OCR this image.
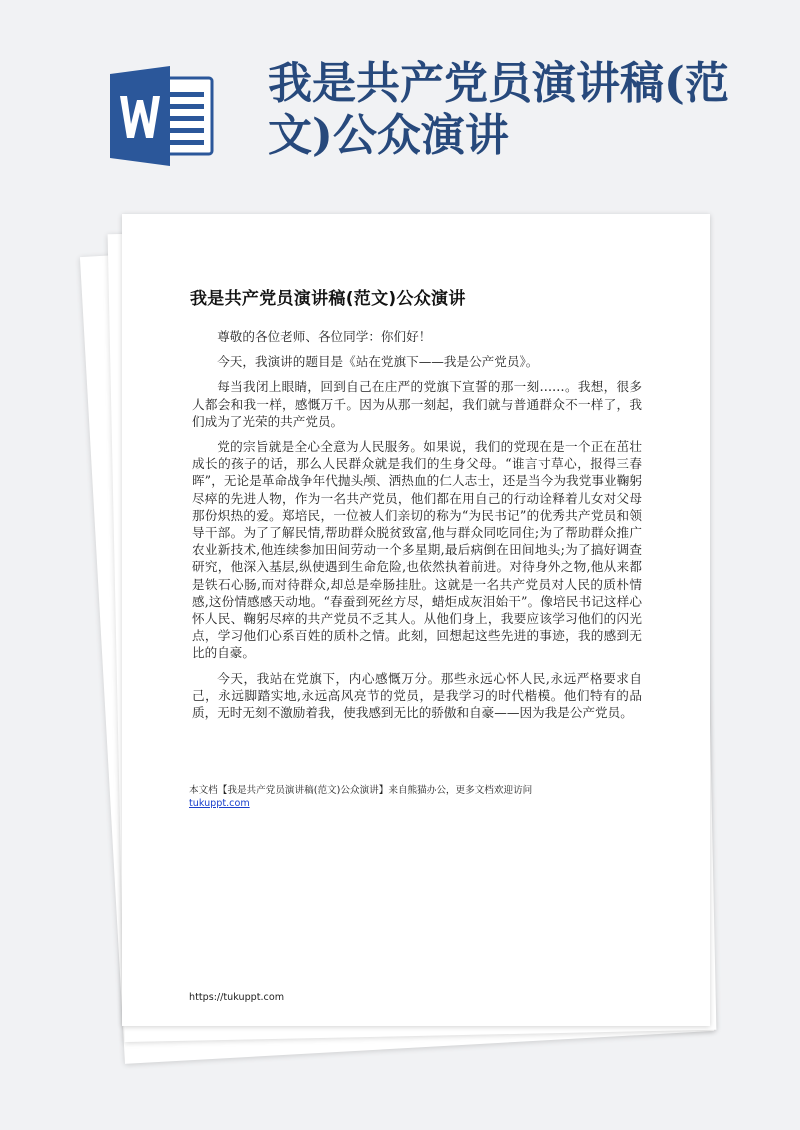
我是共产党员演讲稿(范文)公众演讲
我是共产党员演讲稿(范文)公众演讲

尊敬的各位老师、各位同学：你们好！

今天，我演讲的题目是《站在党旗下——我是公产党员》。

每当我闭上眼睛，回到自己在庄严的党旗下宣誓的那一刻……。我想，很多人都会和我一样，感慨万千。因为从那一刻起，我们就与普通群众不一样了，我们成为了光荣的共产党员。

党的宗旨就是全心全意为人民服务。如果说，我们的党现在是一个正在茁壮成长的孩子的话，那么人民群众就是我们的生身父母。“谁言寸草心，报得三春晖”，无论是革命战争年代抛头颅、洒热血的仁人志士，还是当今为我党事业鞠躬尽瘁的先进人物，作为一名共产党员，他们都在用自己的行动诠释着儿女对父母那份炽热的爱。郑培民，一位被人们亲切的称为“为民书记”的优秀共产党员和领导干部。为了了解民情,帮助群众脱贫致富,他与群众同吃同住;为了帮助群众推广农业新技术,他连续参加田间劳动一个多星期,最后病倒在田间地头;为了搞好调查研究，他深入基层,纵使遇到生命危险,也依然执着前进。对待身外之物,他从来都是铁石心肠,而对待群众,却总是牵肠挂肚。这就是一名共产党员对人民的质朴情感,这份情感感天动地。“春蚕到死丝方尽，蜡炬成灰泪始干”。像培民书记这样心怀人民、鞠躬尽瘁的共产党员不乏其人。从他们身上，我要应该学习他们的闪光点，学习他们心系百姓的质朴之情。此刻，回想起这些先进的事迹，我的感到无比的自豪。

今天，我站在党旗下，内心感慨万分。那些永远心怀人民,永远严格要求自己，永远脚踏实地,永远高风亮节的党员，是我学习的时代楷模。他们特有的品质，无时无刻不激励着我，使我感到无比的骄傲和自豪——因为我是公产党员。

本文档【我是共产党员演讲稿(范文)公众演讲】来自熊猫办公，更多文档欢迎访问
tukuppt.com
https://tukuppt.com
